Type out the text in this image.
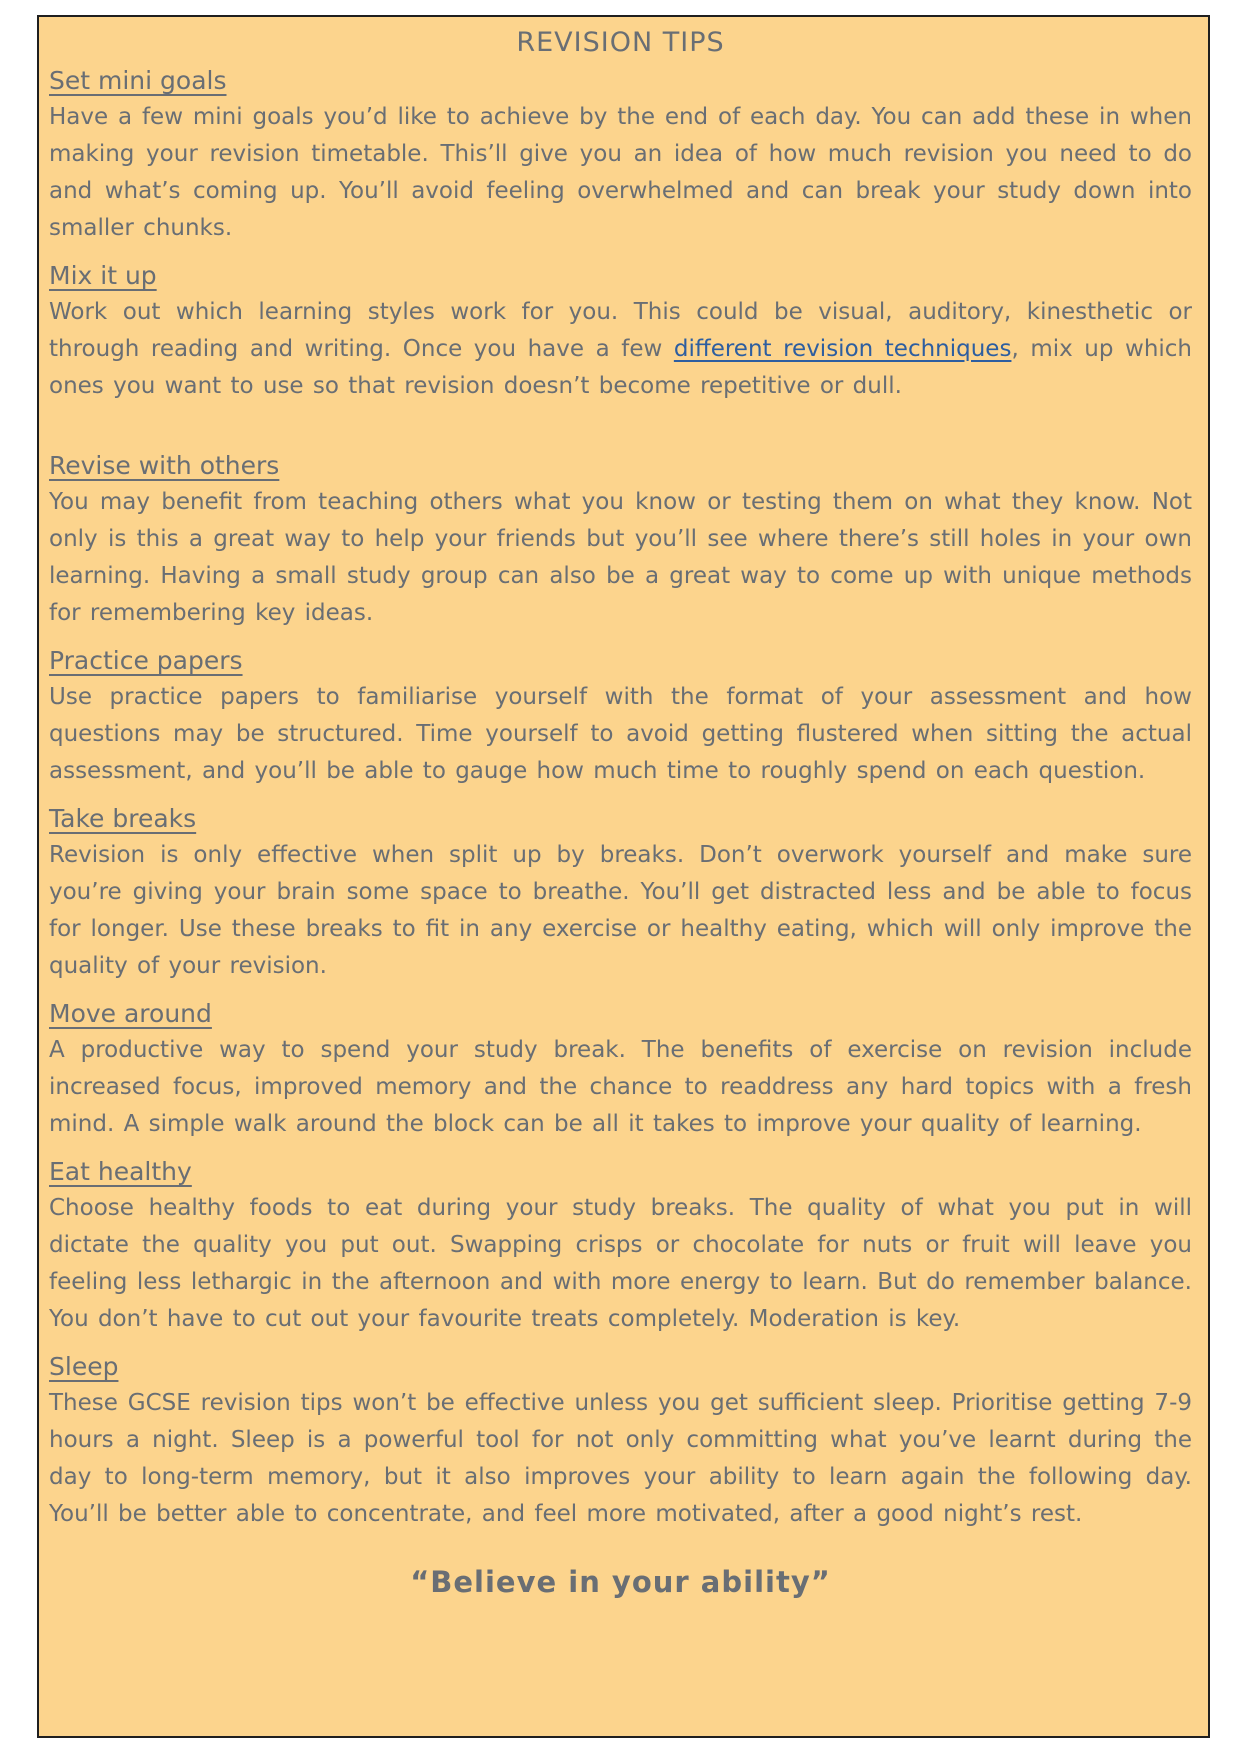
REVISION TIPS
Set mini goals

Have a few mini goals you’d like to achieve by the end of each day. You can add these in when making your revision timetable. This’ll give you an idea of how much revision you need to do and what’s coming up. You’ll avoid feeling overwhelmed and can break your study down into smaller chunks.

Mix it up

Work out which learning styles work for you. This could be visual, auditory, kinesthetic or through reading and writing. Once you have a few different revision techniques, mix up which ones you want to use so that revision doesn’t become repetitive or dull.

Revise with others

You may benefit from teaching others what you know or testing them on what they know. Not only is this a great way to help your friends but you’ll see where there’s still holes in your own learning. Having a small study group can also be a great way to come up with unique methods for remembering key ideas.

Practice papers

Use practice papers to familiarise yourself with the format of your assessment and how questions may be structured. Time yourself to avoid getting flustered when sitting the actual assessment, and you’ll be able to gauge how much time to roughly spend on each question.

Take breaks

Revision is only effective when split up by breaks. Don’t overwork yourself and make sure you’re giving your brain some space to breathe. You’ll get distracted less and be able to focus for longer. Use these breaks to fit in any exercise or healthy eating, which will only improve the quality of your revision.

Move around

A productive way to spend your study break. The benefits of exercise on revision include increased focus, improved memory and the chance to readdress any hard topics with a fresh mind. A simple walk around the block can be all it takes to improve your quality of learning.

Eat healthy

Choose healthy foods to eat during your study breaks. The quality of what you put in will dictate the quality you put out. Swapping crisps or chocolate for nuts or fruit will leave you feeling less lethargic in the afternoon and with more energy to learn. But do remember balance. You don’t have to cut out your favourite treats completely. Moderation is key.

Sleep

These GCSE revision tips won’t be effective unless you get sufficient sleep. Prioritise getting 7-9 hours a night. Sleep is a powerful tool for not only committing what you’ve learnt during the day to long-term memory, but it also improves your ability to learn again the following day. You’ll be better able to concentrate, and feel more motivated, after a good night’s rest.

“Believe in your ability”
